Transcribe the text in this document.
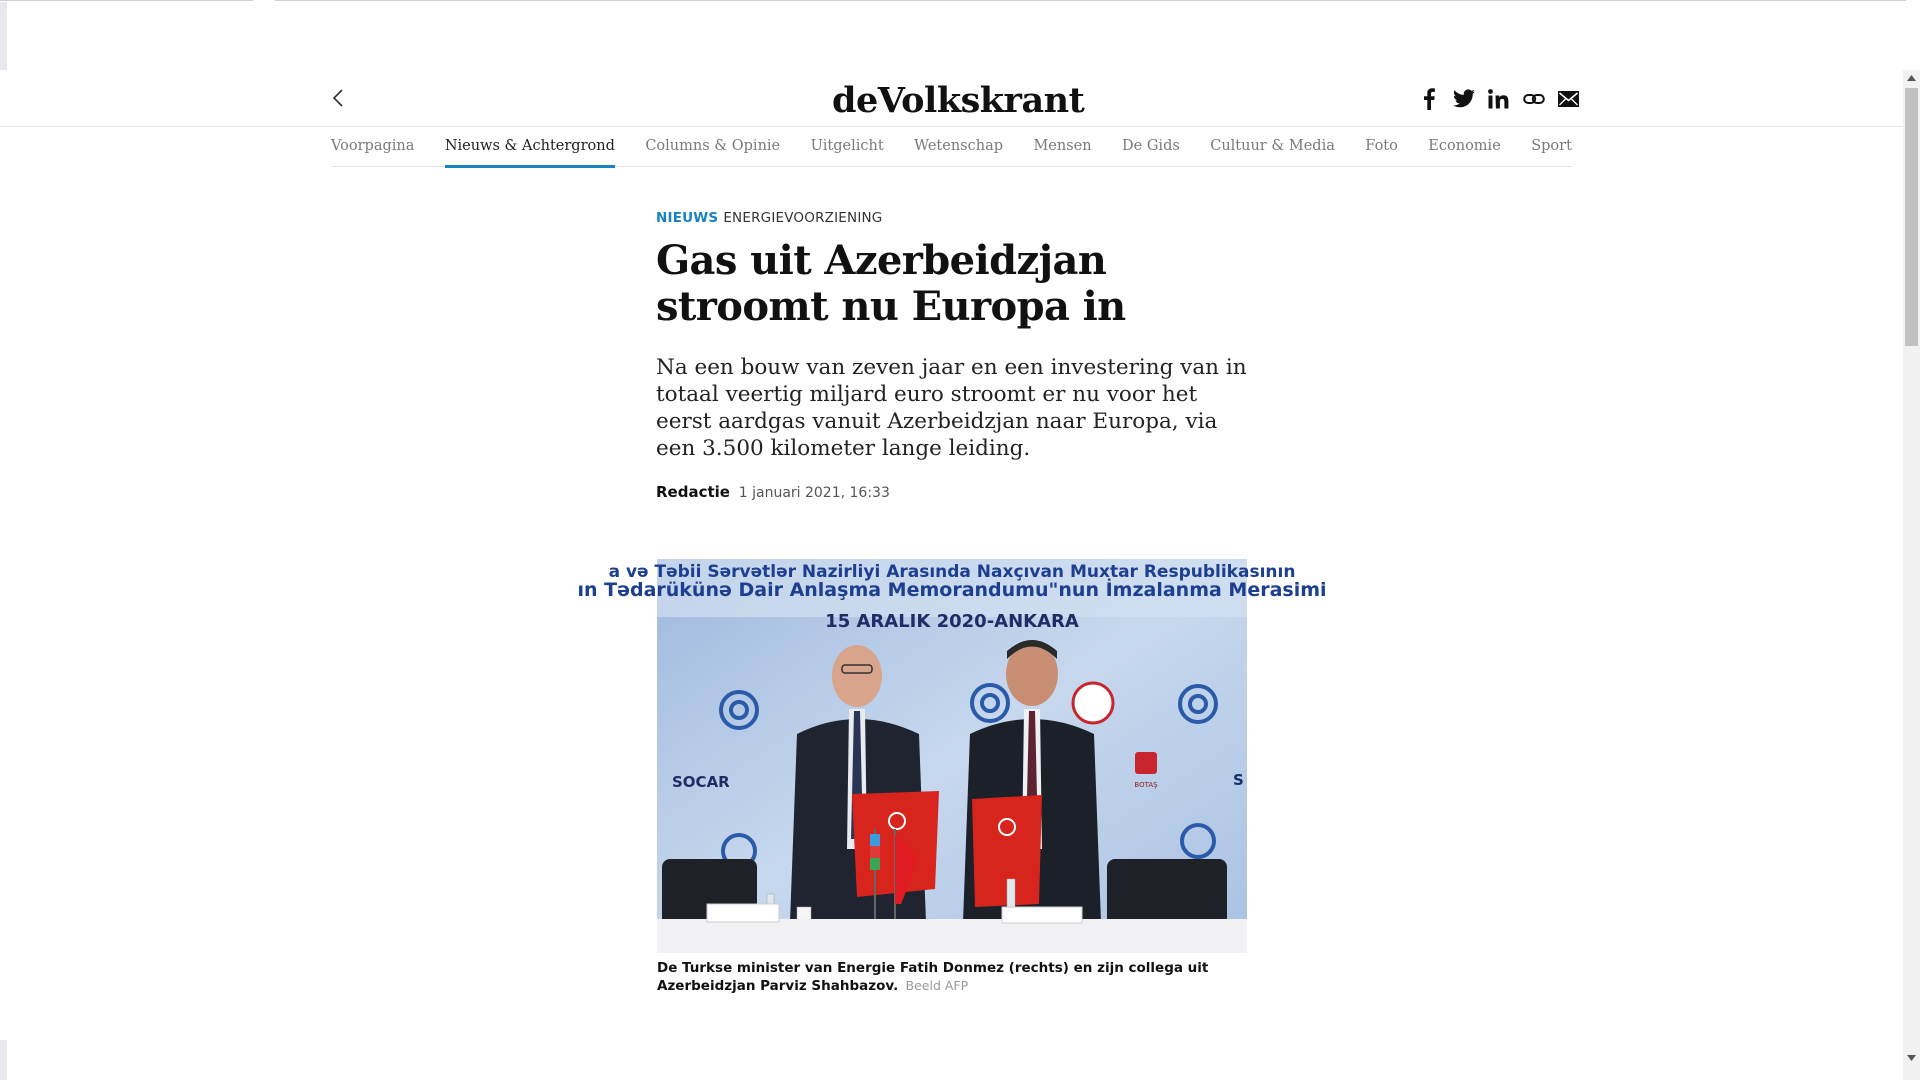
deVolkskrant
Voorpagina Nieuws & Achtergrond Columns & Opinie Uitgelicht Wetenschap Mensen De Gids Cultuur & Media Foto Economie Sport
NIEUWS ENERGIEVOORZIENING
Gas uit Azerbeidzjan stroomt nu Europa in

Na een bouw van zeven jaar en een investering van in totaal veertig miljard euro stroomt er nu voor het eerst aardgas vanuit Azerbeidzjan naar Europa, via een 3.500 kilometer lange leiding.

Redactie 1 januari 2021, 16:33
a və Təbii Sərvətlər Nazirliyi Arasında Naxçıvan Muxtar Respublikasının
ın Tədarükünə Dair Anlaşma Memorandumu"nun İmzalanma Merasimi
15 ARALIK 2020-ANKARA
BOTAŞ
SOCAR	S
De Turkse minister van Energie Fatih Donmez (rechts) en zijn collega uit Azerbeidzjan Parviz Shahbazov. Beeld AFP
